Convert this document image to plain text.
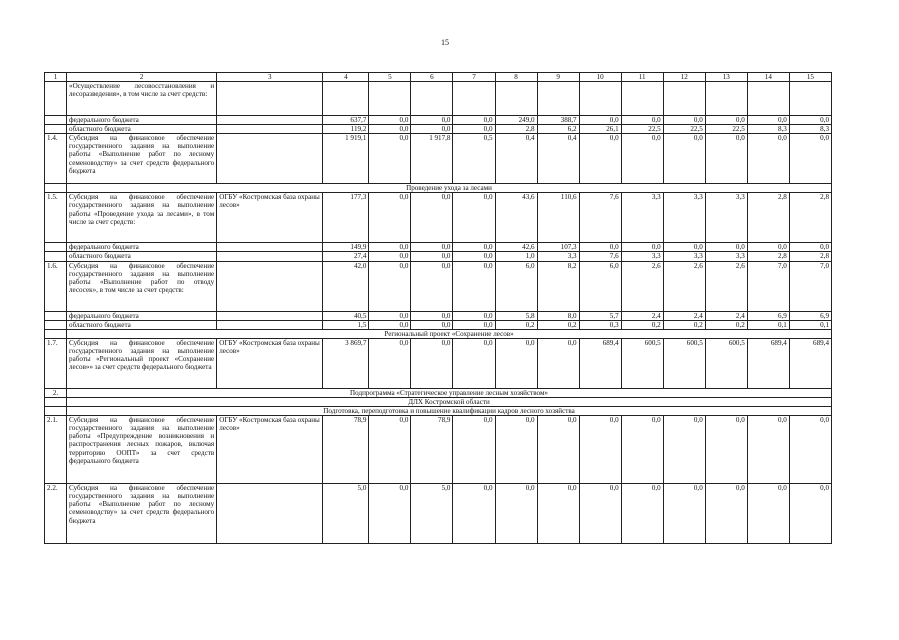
15
1	2	3	4	5	6	7	8	9	10	11	12	13	14	15
	«Осуществление лесовосстановления и лесоразведения», в том числе за счет средств:													
	федерального бюджета		637,7	0,0	0,0	0,0	249,0	388,7	0,0	0,0	0,0	0,0	0,0	0,0
	областного бюджета		119,2	0,0	0,0	0,0	2,8	6,2	26,1	22,5	22,5	22,5	8,3	8,3
1.4.	Субсидия на финансовое обеспечение государственного задания на выполнение работы «Выполнение работ по лесному семеноводству» за счет средств федерального бюджета		1 919,1	0,0	1 917,8	0,5	0,4	0,4	0,0	0,0	0,0	0,0	0,0	0,0
	Проведение ухода за лесами													
1.5.	Субсидия на финансовое обеспечение государственного задания на выполнение работы «Проведение ухода за лесами», в том числе за счет средств:	ОГБУ «Костромская база охраны лесов»	177,3	0,0	0,0	0,0	43,6	110,6	7,6	3,3	3,3	3,3	2,8	2,8
	федерального бюджета		149,9	0,0	0,0	0,0	42,6	107,3	0,0	0,0	0,0	0,0	0,0	0,0
	областного бюджета		27,4	0,0	0,0	0,0	1,0	3,3	7,6	3,3	3,3	3,3	2,8	2,8
1.6.	Субсидия на финансовое обеспечение государственного задания на выполнение работы «Выполнение работ по отводу лесосек», в том числе за счет средств:		42,0	0,0	0,0	0,0	6,0	8,2	6,0	2,6	2,6	2,6	7,0	7,0
	федерального бюджета		40,5	0,0	0,0	0,0	5,8	8,0	5,7	2,4	2,4	2,4	6,9	6,9
	областного бюджета		1,5	0,0	0,0	0,0	0,2	0,2	0,3	0,2	0,2	0,2	0,1	0,1
	Региональный проект «Сохранение лесов»													
1.7.	Субсидия на финансовое обеспечение государственного задания на выполнение работы «Региональный проект «Сохранение лесов»» за счет средств федерального бюджета	ОГБУ «Костромская база охраны лесов»	3 869,7	0,0	0,0	0,0	0,0	0,0	689,4	600,5	600,5	600,5	689,4	689,4
2.	Подпрограмма «Стратегическое управление лесным хозяйством»													
	ДЛХ Костромской области													
	Подготовка, переподготовка и повышение квалификации кадров лесного хозяйства													
2.1.	Субсидия на финансовое обеспечение государственного задания на выполнение работы «Предупреждение возникновения и распространения лесных пожаров, включая территорию ООПТ» за счет средств федерального бюджета	ОГБУ «Костромская база охраны лесов»	78,9	0,0	78,9	0,0	0,0	0,0	0,0	0,0	0,0	0,0	0,0	0,0
2.2.	Субсидия на финансовое обеспечение государственного задания на выполнение работы «Выполнение работ по лесному семеноводству» за счет средств федерального бюджета		5,0	0,0	5,0	0,0	0,0	0,0	0,0	0,0	0,0	0,0	0,0	0,0
